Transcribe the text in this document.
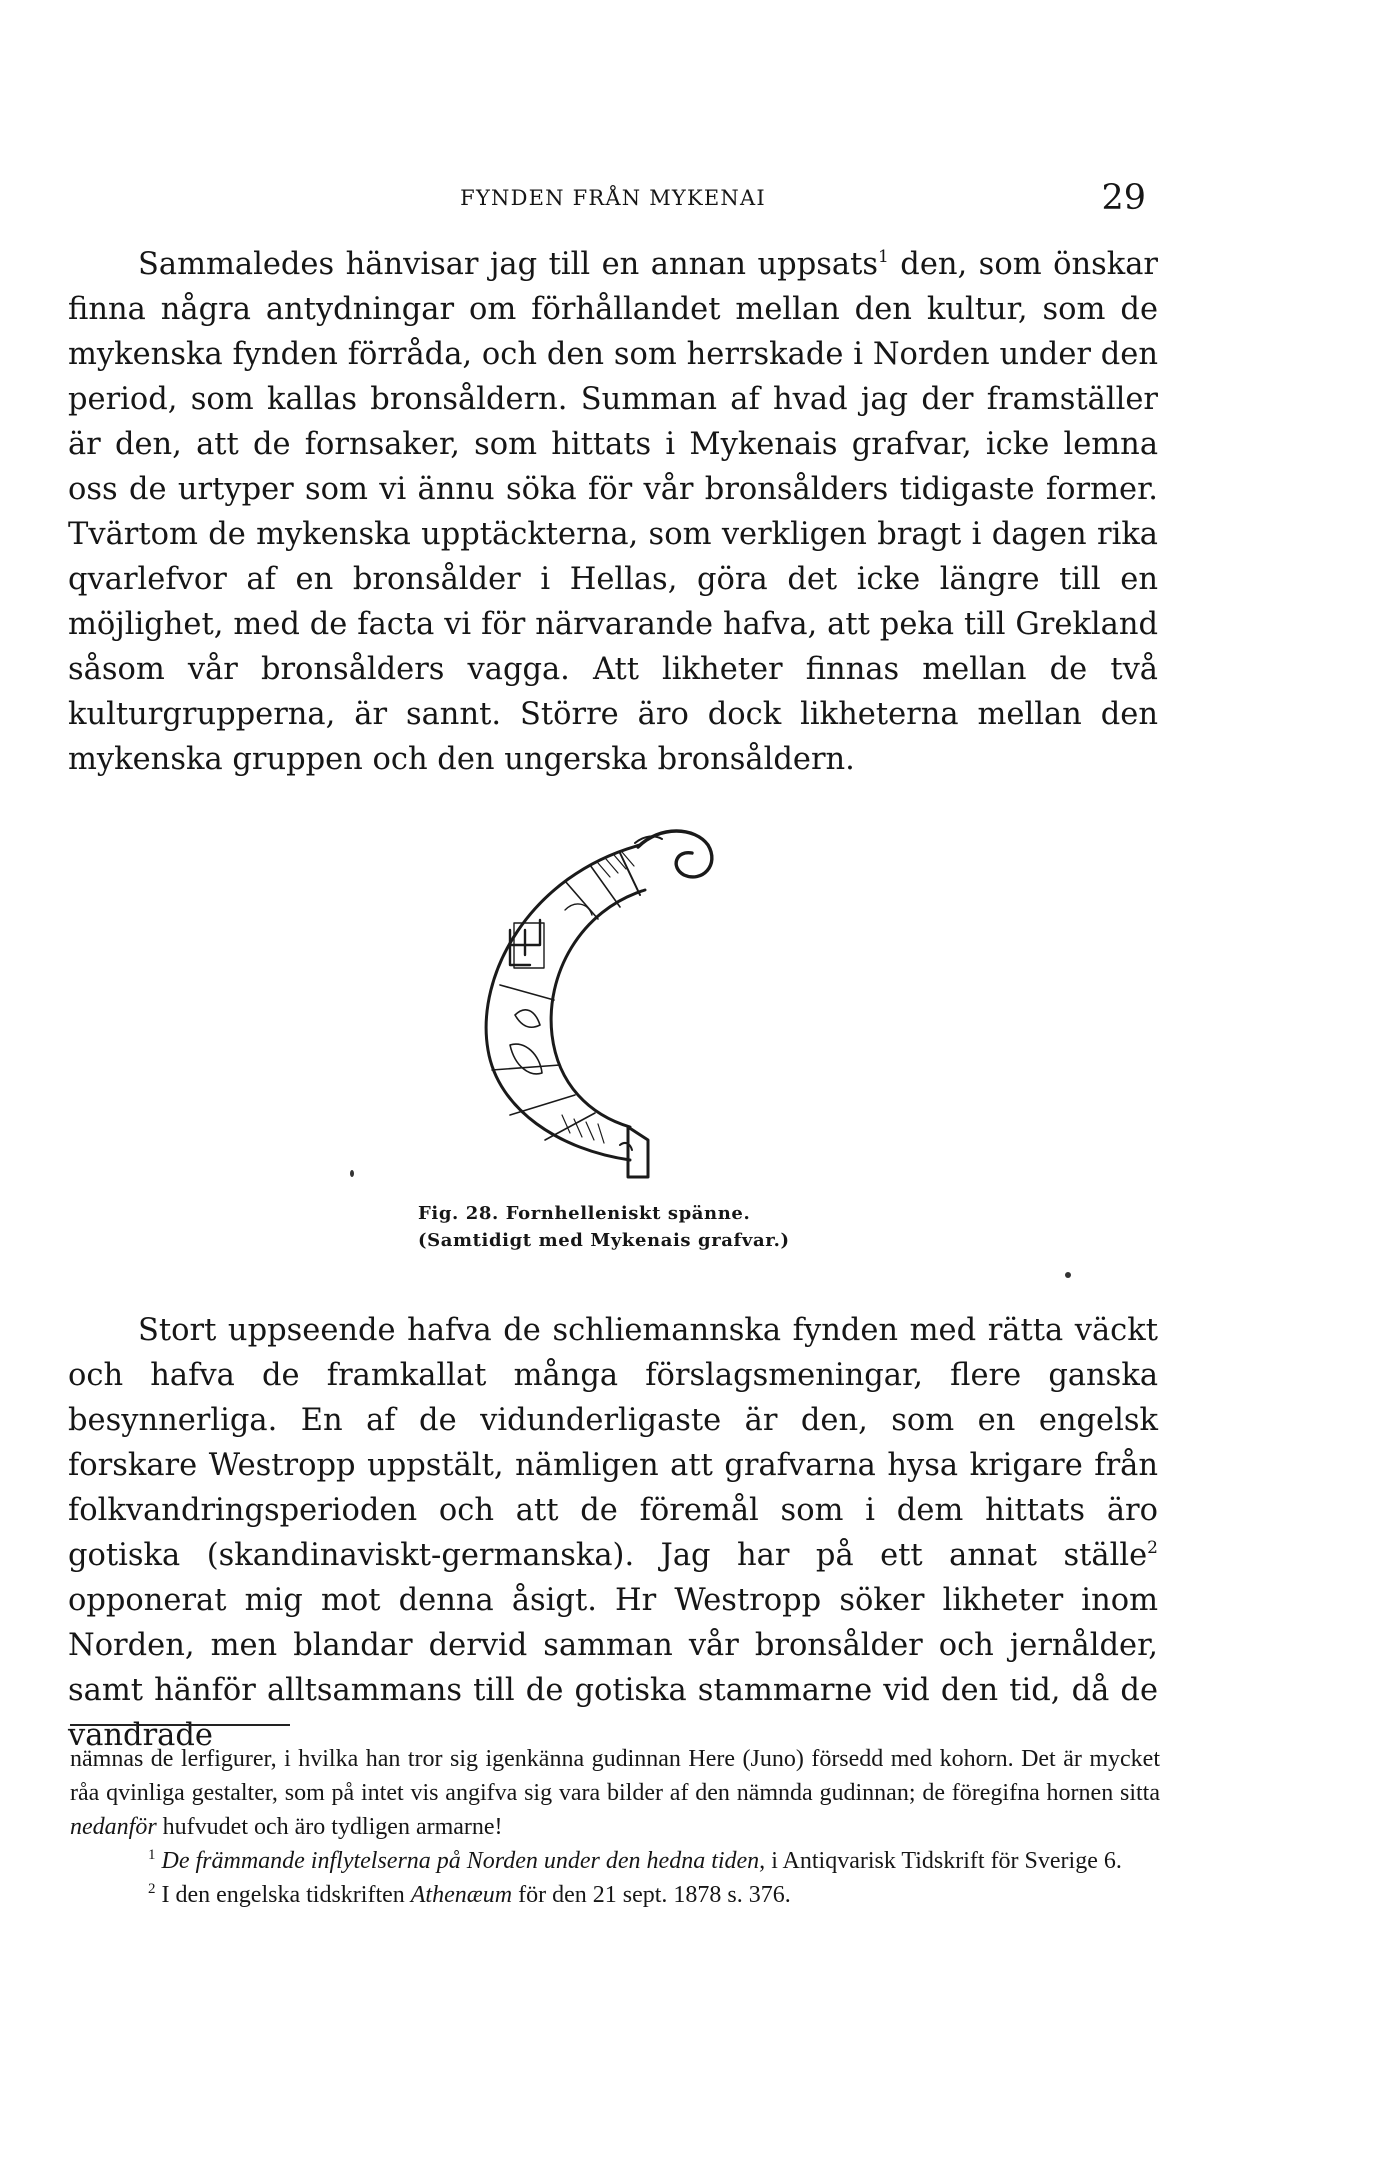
FYNDEN FRÅN MYKENAI	29

Sammaledes hänvisar jag till en annan uppsats$^1$ den, som önskar finna några antydningar om förhållandet mellan den kultur, som de mykenska fynden förråda, och den som herrskade i Norden under den period, som kallas bronsåldern. Summan af hvad jag der framställer är den, att de fornsaker, som hittats i Mykenais grafvar, icke lemna oss de urtyper som vi ännu söka för vår bronsålders tidigaste former. Tvärtom de mykenska upptäckterna, som verkligen bragt i dagen rika qvarlefvor af en bronsålder i Hellas, göra det icke längre till en möjlighet, med de facta vi för närvarande hafva, att peka till Grekland såsom vår bronsålders vagga. Att likheter finnas mellan de två kulturgrupperna, är sannt. Större äro dock likheterna mellan den mykenska gruppen och den ungerska bronsåldern.

Fig. 28. Fornhelleniskt spänne.
(Samtidigt med Mykenais grafvar.)

Stort uppseende hafva de schliemannska fynden med rätta väckt och hafva de framkallat många förslagsmeningar, flere ganska besynnerliga. En af de vidunderligaste är den, som en engelsk forskare Westropp uppstält, nämligen att grafvarna hysa krigare från folkvandringsperioden och att de föremål som i dem hittats äro gotiska (skandinaviskt-germanska). Jag har på ett annat ställe$^2$ opponerat mig mot denna åsigt. Hr Westropp söker likheter inom Norden, men blandar dervid samman vår bronsålder och jernålder, samt hänför alltsammans till de gotiska stammarne vid den tid, då de vandrade

nämnas de lerfigurer, i hvilka han tror sig igenkänna gudinnan Here (Juno) försedd med kohorn. Det är mycket råa qvinliga gestalter, som på intet vis angifva sig vara bilder af den nämnda gudinnan; de föregifna hornen sitta nedanför hufvudet och äro tydligen armarne!

$^1$ De främmande inflytelserna på Norden under den hedna tiden, i Antiqvarisk Tidskrift för Sverige 6.

$^2$ I den engelska tidskriften Athenæum för den 21 sept. 1878 s. 376.
